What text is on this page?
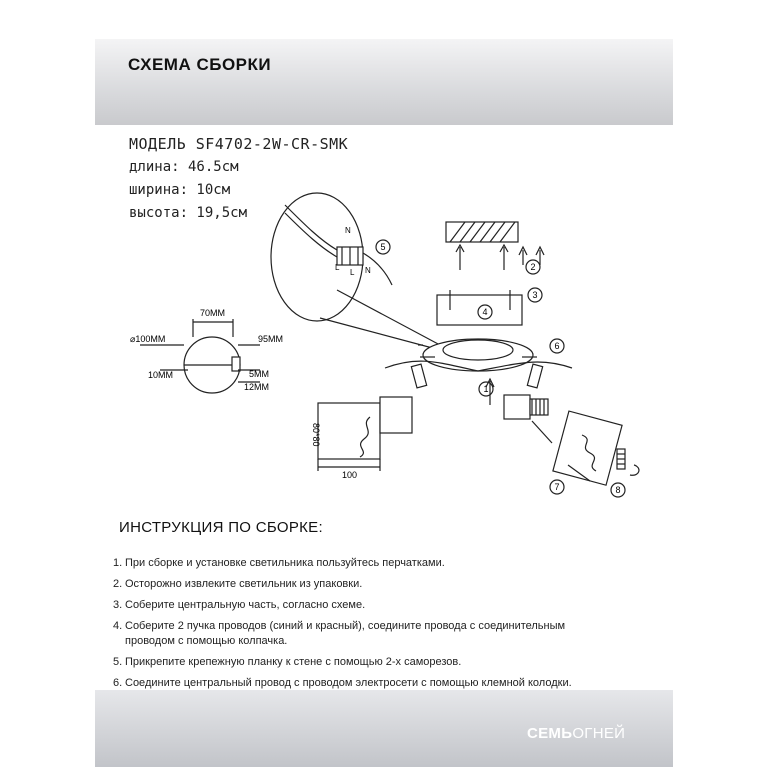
СХЕМА СБОРКИ
МОДЕЛЬ SF4702-2W-CR-SMK
длина: 46.5см
ширина: 10см
высота: 19,5см
70MM
⌀100MM	95MM
10MM	5MM
12MM
80*80
100
N
L
L N
1
2
3
4
5
6
7	8
ИНСТРУКЦИЯ ПО СБОРКЕ:
1. При сборке и установке светильника пользуйтесь перчатками.
2. Осторожно извлеките светильник из упаковки.
3. Соберите центральную часть, согласно схеме.
4. Соберите 2 пучка проводов (синий и красный), соедините провода с соединительным
проводом с помощью колпачка.
5. Прикрепите крепежную планку к стене с помощью 2-х саморезов.
6. Соедините центральный провод с проводом электросети с помощью клемной колодки.
СЕМЬОГНЕЙ
